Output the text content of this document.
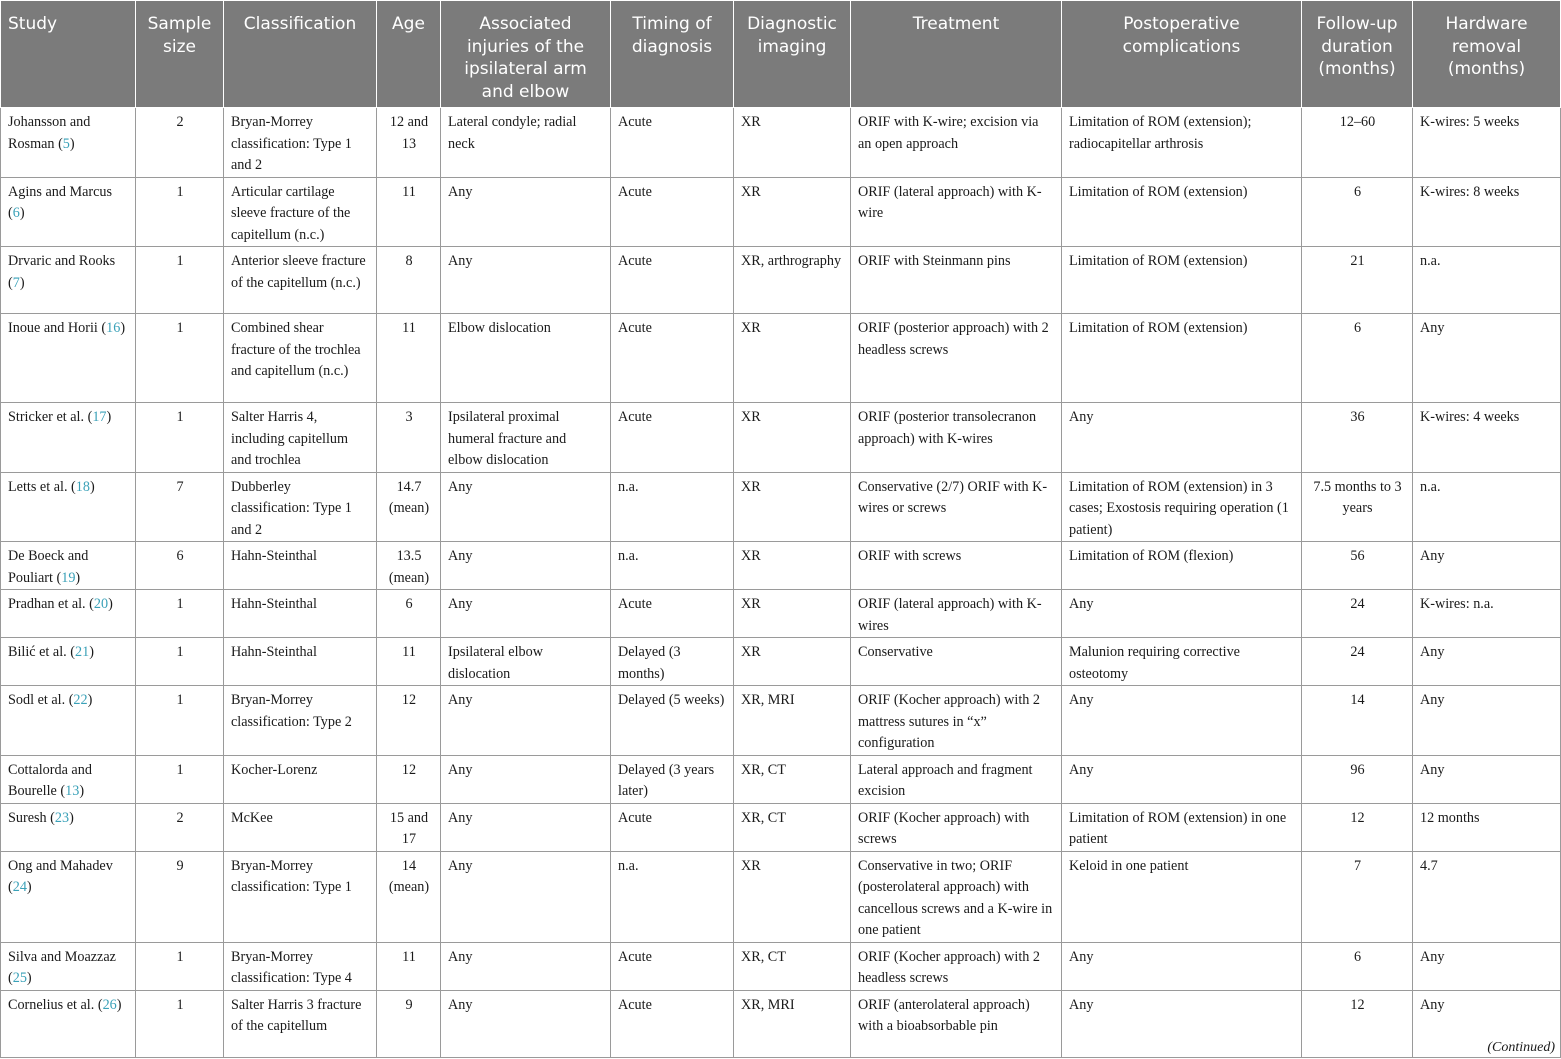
Study	Sample size	Classification	Age	Associated injuries of the ipsilateral arm and elbow	Timing of diagnosis	Diagnostic imaging	Treatment	Postoperative complications	Follow-up duration (months)	Hardware removal (months)
Johansson and Rosman (5)	2	Bryan-Morrey classification: Type 1 and 2	12 and 13	Lateral condyle; radial neck	Acute	XR	ORIF with K-wire; excision via an open approach	Limitation of ROM (extension); radiocapitellar arthrosis	12–60	K-wires: 5 weeks
Agins and Marcus (6)	1	Articular cartilage sleeve fracture of the capitellum (n.c.)	11	Any	Acute	XR	ORIF (lateral approach) with K-wire	Limitation of ROM (extension)	6	K-wires: 8 weeks
Drvaric and Rooks (7)	1	Anterior sleeve fracture of the capitellum (n.c.)	8	Any	Acute	XR, arthrography	ORIF with Steinmann pins	Limitation of ROM (extension)	21	n.a.
Inoue and Horii (16)	1	Combined shear fracture of the trochlea and capitellum (n.c.)	11	Elbow dislocation	Acute	XR	ORIF (posterior approach) with 2 headless screws	Limitation of ROM (extension)	6	Any
Stricker et al. (17)	1	Salter Harris 4, including capitellum and trochlea	3	Ipsilateral proximal humeral fracture and elbow dislocation	Acute	XR	ORIF (posterior transolecranon approach) with K-wires	Any	36	K-wires: 4 weeks
Letts et al. (18)	7	Dubberley classification: Type 1 and 2	14.7 (mean)	Any	n.a.	XR	Conservative (2/7) ORIF with K-wires or screws	Limitation of ROM (extension) in 3 cases; Exostosis requiring operation (1 patient)	7.5 months to 3 years	n.a.
De Boeck and Pouliart (19)	6	Hahn-Steinthal	13.5 (mean)	Any	n.a.	XR	ORIF with screws	Limitation of ROM (flexion)	56	Any
Pradhan et al. (20)	1	Hahn-Steinthal	6	Any	Acute	XR	ORIF (lateral approach) with K-wires	Any	24	K-wires: n.a.
Bilić et al. (21)	1	Hahn-Steinthal	11	Ipsilateral elbow dislocation	Delayed (3 months)	XR	Conservative	Malunion requiring corrective osteotomy	24	Any
Sodl et al. (22)	1	Bryan-Morrey classification: Type 2	12	Any	Delayed (5 weeks)	XR, MRI	ORIF (Kocher approach) with 2 mattress sutures in “x” configuration	Any	14	Any
Cottalorda and Bourelle (13)	1	Kocher-Lorenz	12	Any	Delayed (3 years later)	XR, CT	Lateral approach and fragment excision	Any	96	Any
Suresh (23)	2	McKee	15 and 17	Any	Acute	XR, CT	ORIF (Kocher approach) with screws	Limitation of ROM (extension) in one patient	12	12 months
Ong and Mahadev (24)	9	Bryan-Morrey classification: Type 1	14 (mean)	Any	n.a.	XR	Conservative in two; ORIF (posterolateral approach) with cancellous screws and a K-wire in one patient	Keloid in one patient	7	4.7
Silva and Moazzaz (25)	1	Bryan-Morrey classification: Type 4	11	Any	Acute	XR, CT	ORIF (Kocher approach) with 2 headless screws	Any	6	Any
Cornelius et al. (26)	1	Salter Harris 3 fracture of the capitellum	9	Any	Acute	XR, MRI	ORIF (anterolateral approach) with a bioabsorbable pin	Any	12	Any
(Continued)
